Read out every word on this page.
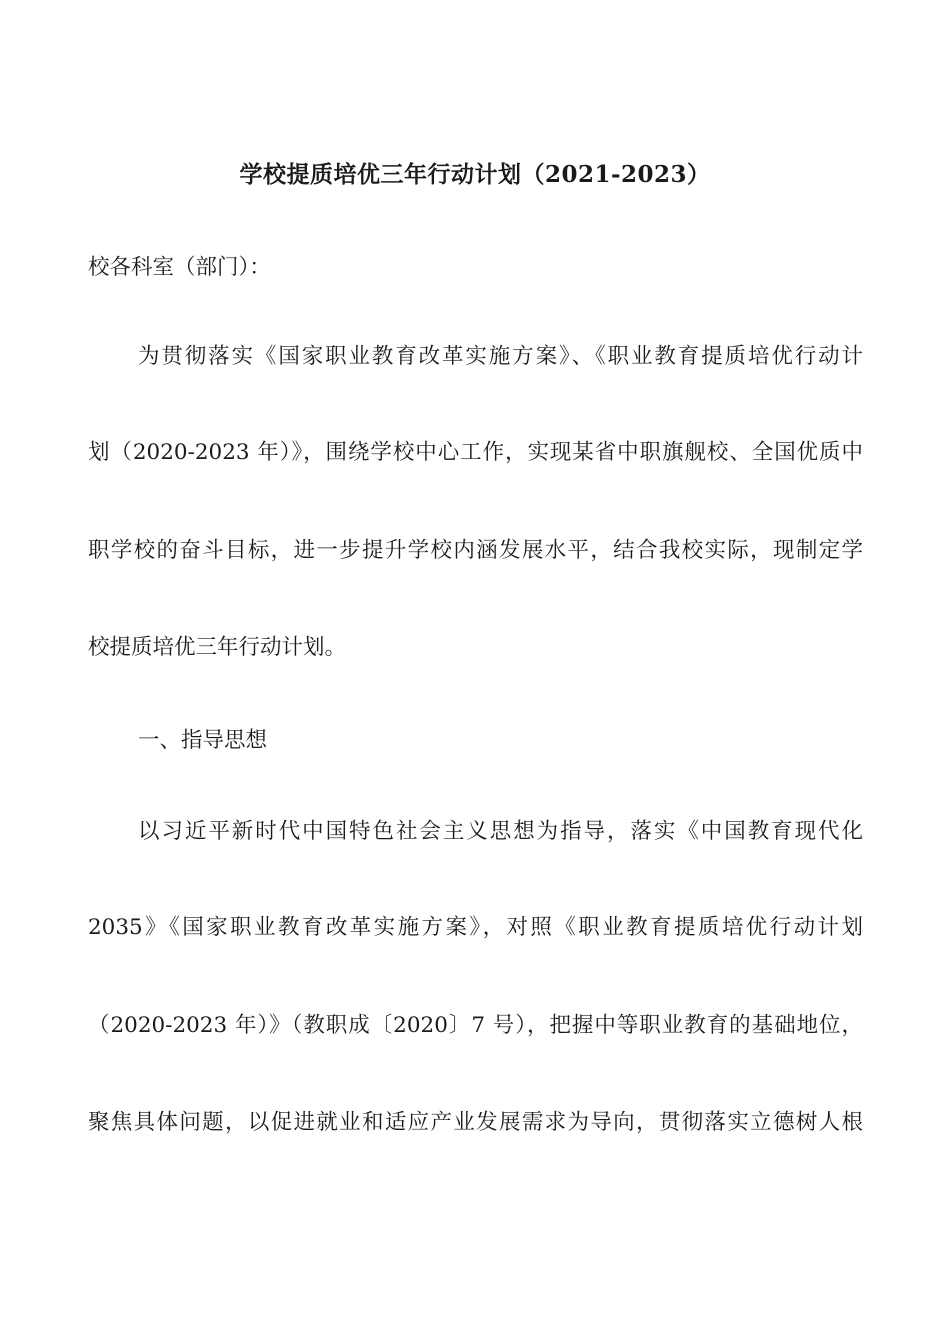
学校提质培优三年行动计划（2021-2023）
校各科室（部门）：
为贯彻落实《国家职业教育改革实施方案》、《职业教育提质培优行动计
划（2020-2023 年）》，围绕学校中心工作，实现某省中职旗舰校、全国优质中
职学校的奋斗目标，进一步提升学校内涵发展水平，结合我校实际，现制定学
校提质培优三年行动计划。
一、指导思想
以习近平新时代中国特色社会主义思想为指导，落实《中国教育现代化
2035》《国家职业教育改革实施方案》，对照《职业教育提质培优行动计划
（2020-2023 年）》（教职成〔2020〕7 号），把握中等职业教育的基础地位，
聚焦具体问题，以促进就业和适应产业发展需求为导向，贯彻落实立德树人根
